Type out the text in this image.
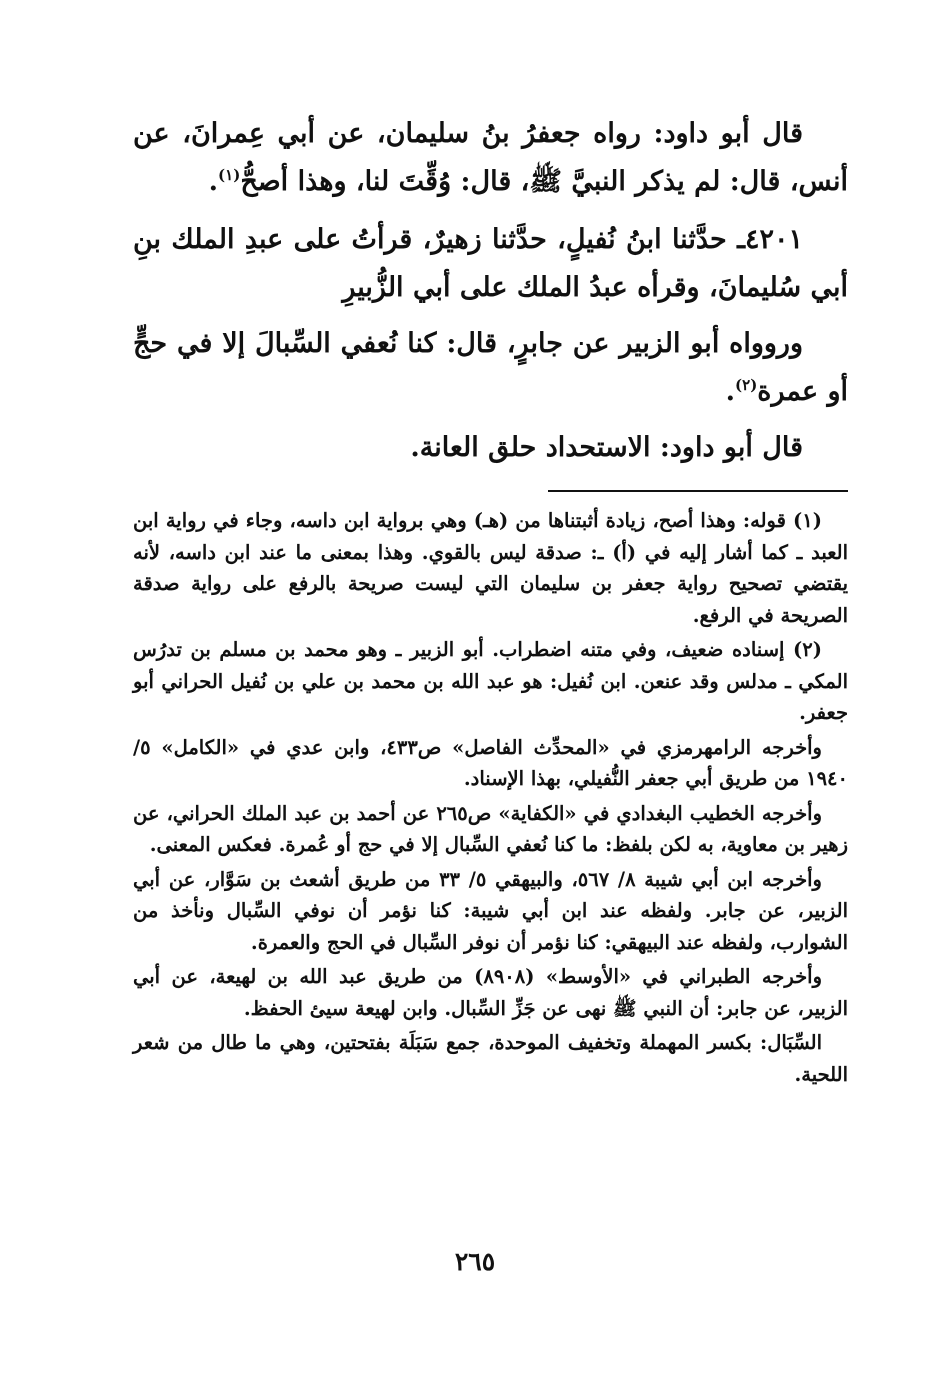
قال أبو داود: رواه جعفرُ بنُ سليمان، عن أبي عِمرانَ، عن أنس، قال: لم يذكر النبيَّ ﷺ، قال: وُقِّتَ لنا، وهذا أصحُّ$^{(١)}$.

٤٢٠١ـ حدَّثنا ابنُ نُفيلٍ، حدَّثنا زهيرٌ، قرأتُ على عبدِ الملك بنِ أبي سُليمانَ، وقرأه عبدُ الملك على أبي الزُّبيرِ

وروواه أبو الزبير عن جابرٍ، قال: كنا نُعفي السِّبالَ إلا في حجٍّ أو عمرة$^{(٢)}$.

قال أبو داود: الاستحداد حلق العانة.

(١) قوله: وهذا أصح، زيادة أثبتناها من (هـ) وهي برواية ابن داسه، وجاء في رواية ابن العبد ـ كما أشار إليه في (أ) ـ: صدقة ليس بالقوي. وهذا بمعنى ما عند ابن داسه، لأنه يقتضي تصحيح رواية جعفر بن سليمان التي ليست صريحة بالرفع على رواية صدقة الصريحة في الرفع.

(٢) إسناده ضعيف، وفي متنه اضطراب. أبو الزبير ـ وهو محمد بن مسلم بن تدرُس المكي ـ مدلس وقد عنعن. ابن نُفيل: هو عبد الله بن محمد بن علي بن نُفيل الحراني أبو جعفر.

وأخرجه الرامهرمزي في «المحدِّث الفاصل» ص٤٣٣، وابن عدي في «الكامل» ٥/ ١٩٤٠ من طريق أبي جعفر النُّفيلي، بهذا الإسناد.

وأخرجه الخطيب البغدادي في «الكفاية» ص٢٦٥ عن أحمد بن عبد الملك الحراني، عن زهير بن معاوية، به لكن بلفظ: ما كنا نُعفي السِّبال إلا في حج أو عُمرة. فعكس المعنى.

وأخرجه ابن أبي شيبة ٨/ ٥٦٧، والبيهقي ٥/ ٣٣ من طريق أشعث بن سَوَّار، عن أبي الزبير، عن جابر. ولفظه عند ابن أبي شيبة: كنا نؤمر أن نوفي السِّبال ونأخذ من الشوارب، ولفظه عند البيهقي: كنا نؤمر أن نوفر السِّبال في الحج والعمرة.

وأخرجه الطبراني في «الأوسط» (٨٩٠٨) من طريق عبد الله بن لهيعة، عن أبي الزبير، عن جابر: أن النبي ﷺ نهى عن جَزِّ السِّبال. وابن لهيعة سيئ الحفظ.

السِّبَال: بكسر المهملة وتخفيف الموحدة، جمع سَبَلَة بفتحتين، وهي ما طال من شعر اللحية.

٢٦٥
